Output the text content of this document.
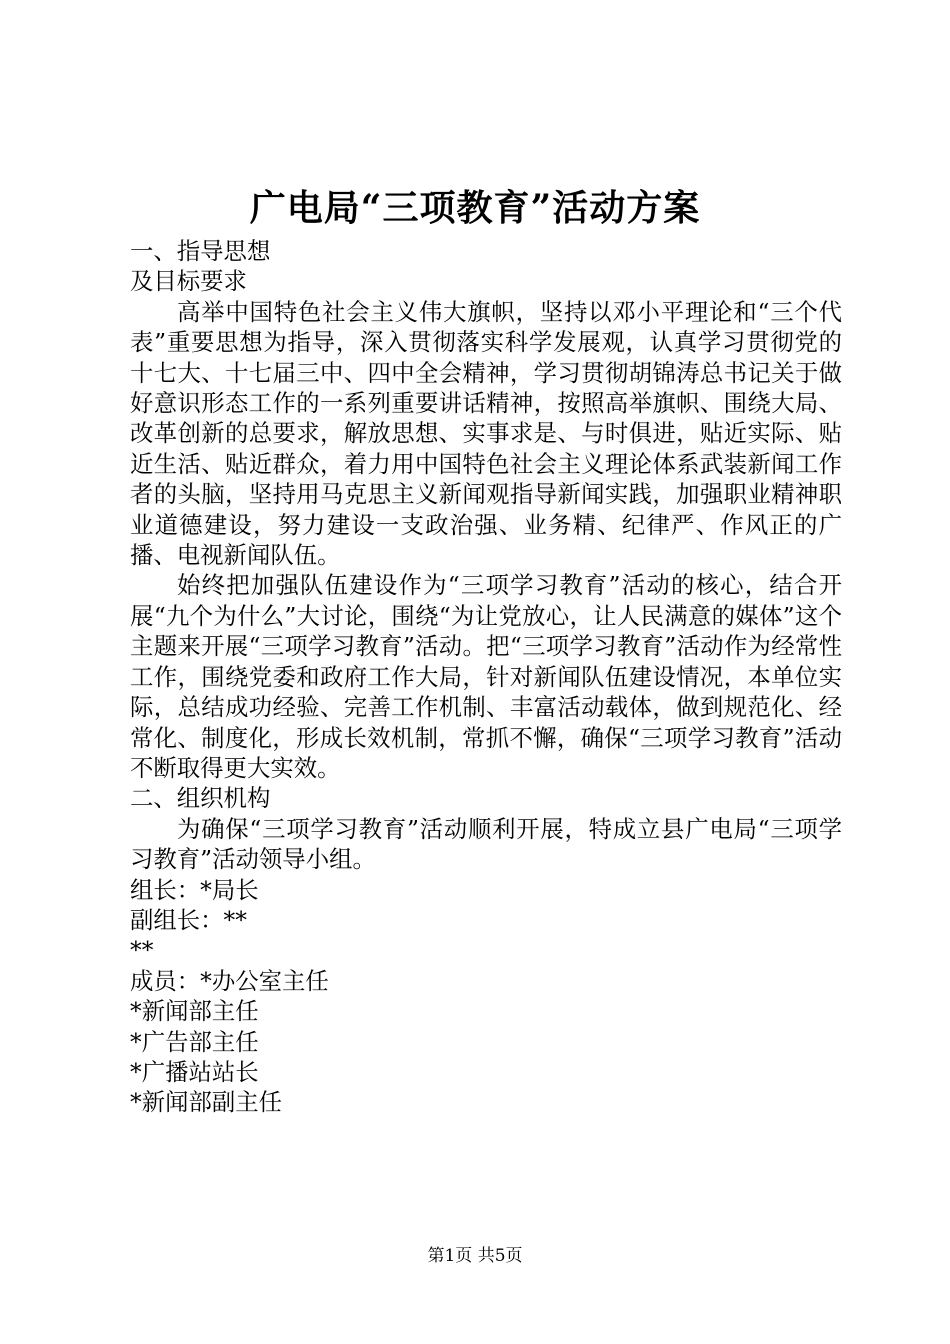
广电局“三项教育”活动方案

一、指导思想

及目标要求

高举中国特色社会主义伟大旗帜，坚持以邓小平理论和“三个代表”重要思想为指导，深入贯彻落实科学发展观，认真学习贯彻党的十七大、十七届三中、四中全会精神，学习贯彻胡锦涛总书记关于做好意识形态工作的一系列重要讲话精神，按照高举旗帜、围绕大局、改革创新的总要求，解放思想、实事求是、与时俱进，贴近实际、贴近生活、贴近群众，着力用中国特色社会主义理论体系武装新闻工作者的头脑，坚持用马克思主义新闻观指导新闻实践，加强职业精神职业道德建设，努力建设一支政治强、业务精、纪律严、作风正的广播、电视新闻队伍。

始终把加强队伍建设作为“三项学习教育”活动的核心，结合开展“九个为什么”大讨论，围绕“为让党放心，让人民满意的媒体”这个主题来开展“三项学习教育”活动。把“三项学习教育”活动作为经常性工作，围绕党委和政府工作大局，针对新闻队伍建设情况，本单位实际，总结成功经验、完善工作机制、丰富活动载体，做到规范化、经常化、制度化，形成长效机制，常抓不懈，确保“三项学习教育”活动不断取得更大实效。

二、组织机构

为确保“三项学习教育”活动顺利开展，特成立县广电局“三项学习教育”活动领导小组。

组长：*局长

副组长：**

**

成员：*办公室主任

*新闻部主任

*广告部主任

*广播站站长

*新闻部副主任

第1页 共5页
